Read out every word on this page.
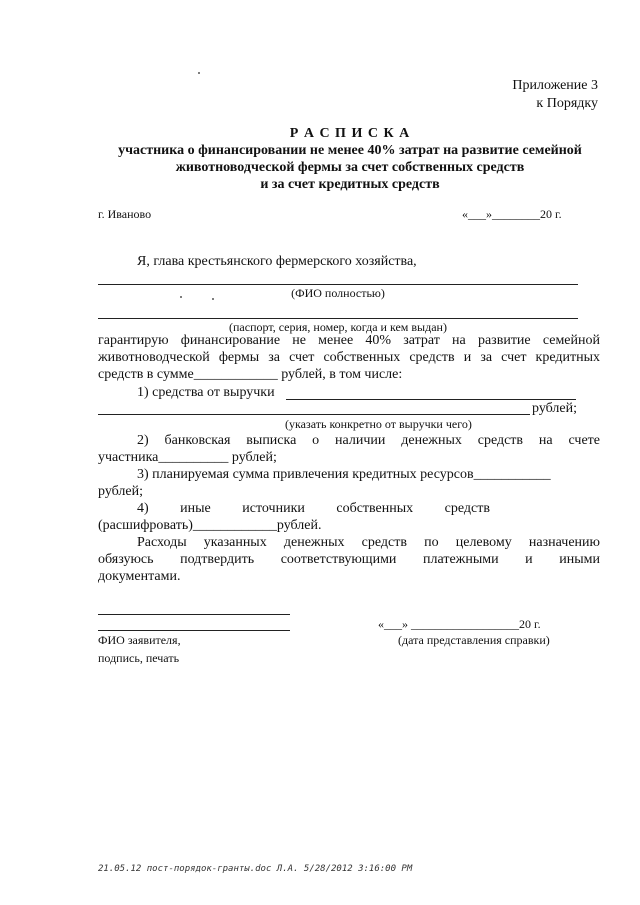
Приложение 3
к Порядку
Р А С П И С К А
участника о финансировании не менее 40% затрат на развитие семейной
животноводческой фермы за счет собственных средств
и за счет кредитных средств
г. Иваново	«___»________20 г.
Я, глава крестьянского фермерского хозяйства,
(ФИО полностью)
(паспорт, серия, номер, когда и кем выдан)
гарантирую финансирование не менее 40% затрат на развитие семейной
животноводческой фермы за счет собственных средств и за счет кредитных
средств в сумме____________ рублей, в том числе:
1) средства от выручки
рублей;
(указать конкретно от выручки чего)
2) банковская выписка о наличии денежных средств на счете
участника__________ рублей;
3) планируемая сумма привлечения кредитных ресурсов___________
рублей;
4)         иные         источники         собственных         средств
(расшифровать)____________рублей.
Расходы указанных денежных средств по целевому назначению
обязуюсь подтвердить соответствующими платежными и иными
документами.
ФИО заявителя,
подпись, печать
«___» __________________20 г.
(дата представления справки)
21.05.12 пост-порядок-гранты.doc Л.А. 5/28/2012 3:16:00 PM
